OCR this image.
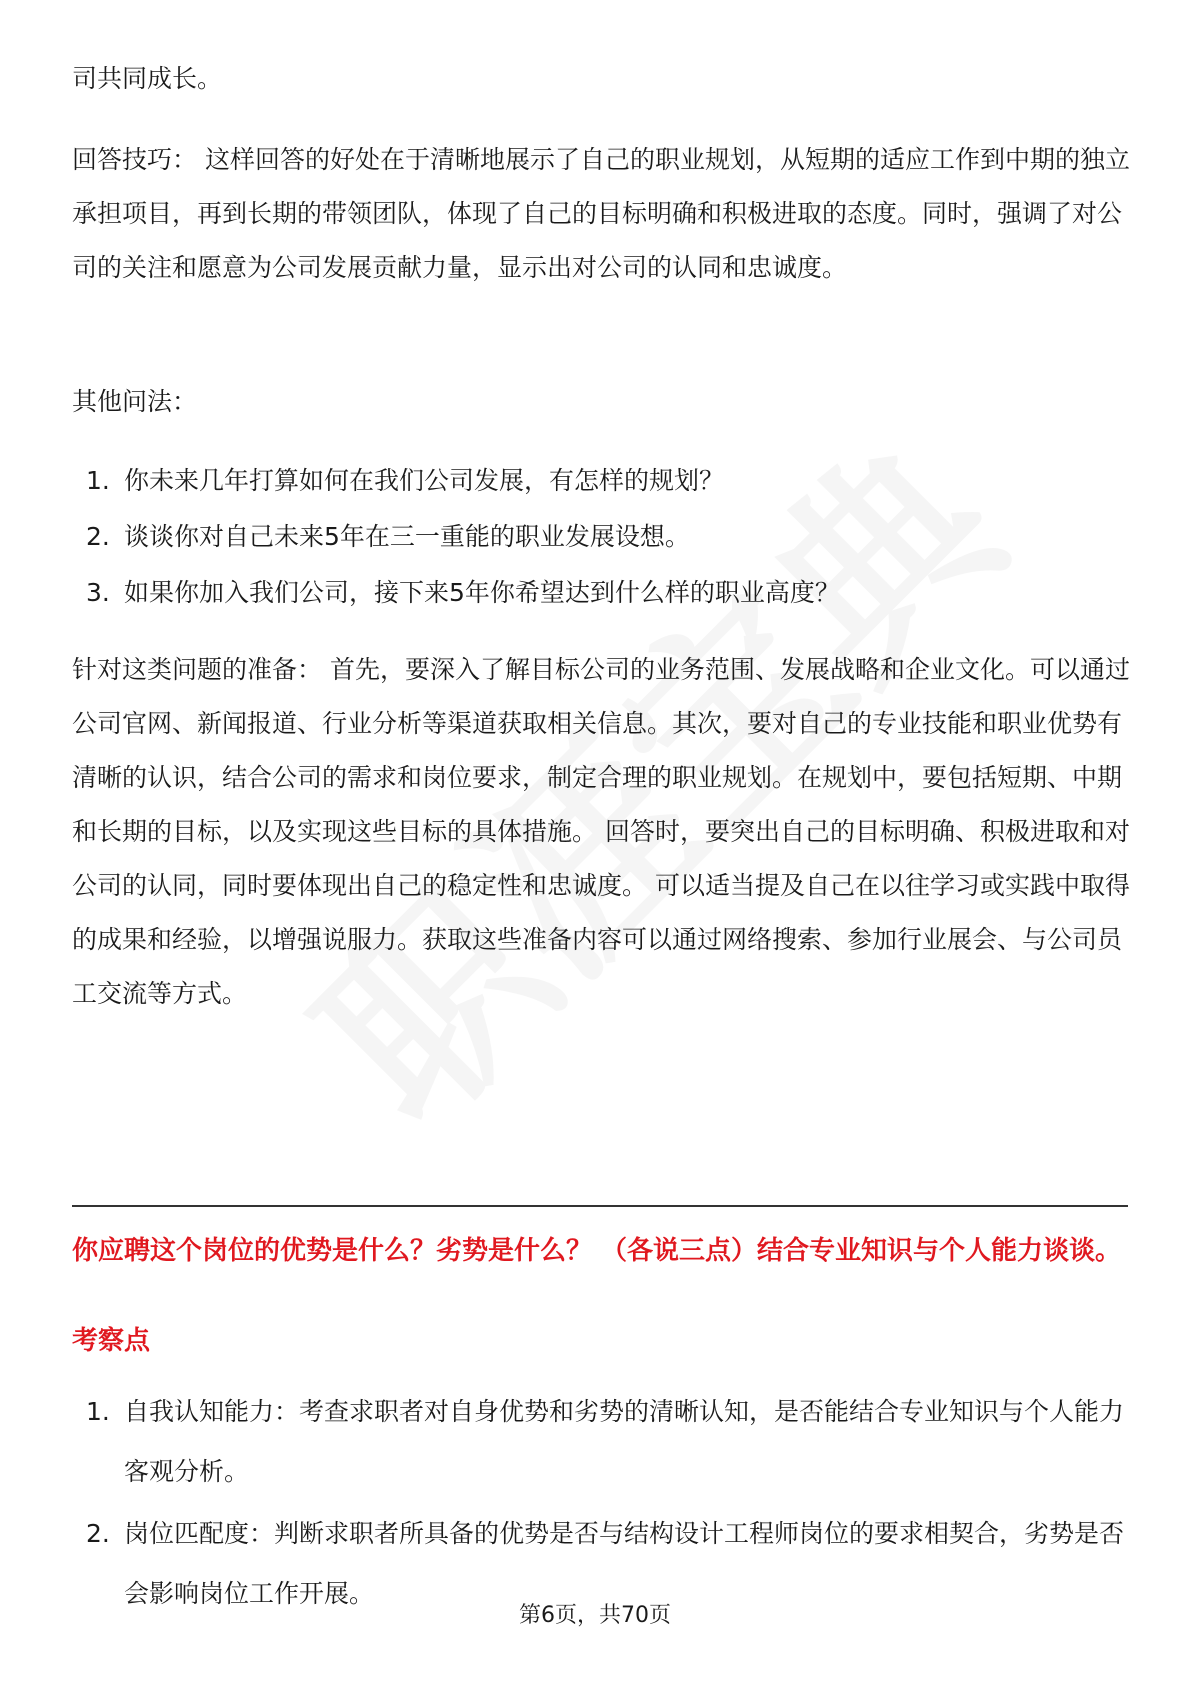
司共同成长。

回答技巧： 这样回答的好处在于清晰地展示了自己的职业规划，从短期的适应工作到中期的独立承担项目，再到长期的带领团队，体现了自己的目标明确和积极进取的态度。同时，强调了对公司的关注和愿意为公司发展贡献力量，显示出对公司的认同和忠诚度。

其他问法：

1. 你未来几年打算如何在我们公司发展，有怎样的规划？
2. 谈谈你对自己未来5年在三一重能的职业发展设想。
3. 如果你加入我们公司，接下来5年你希望达到什么样的职业高度？

针对这类问题的准备： 首先，要深入了解目标公司的业务范围、发展战略和企业文化。可以通过公司官网、新闻报道、行业分析等渠道获取相关信息。其次，要对自己的专业技能和职业优势有清晰的认识，结合公司的需求和岗位要求，制定合理的职业规划。在规划中，要包括短期、中期和长期的目标，以及实现这些目标的具体措施。 回答时，要突出自己的目标明确、积极进取和对公司的认同，同时要体现出自己的稳定性和忠诚度。 可以适当提及自己在以往学习或实践中取得的成果和经验，以增强说服力。获取这些准备内容可以通过网络搜索、参加行业展会、与公司员工交流等方式。

你应聘这个岗位的优势是什么？劣势是什么？ （各说三点）结合专业知识与个人能力谈谈。

考察点

1. 自我认知能力：考查求职者对自身优势和劣势的清晰认知，是否能结合专业知识与个人能力客观分析。
2. 岗位匹配度：判断求职者所具备的优势是否与结构设计工程师岗位的要求相契合，劣势是否会影响岗位工作开展。
第6页，共70页
